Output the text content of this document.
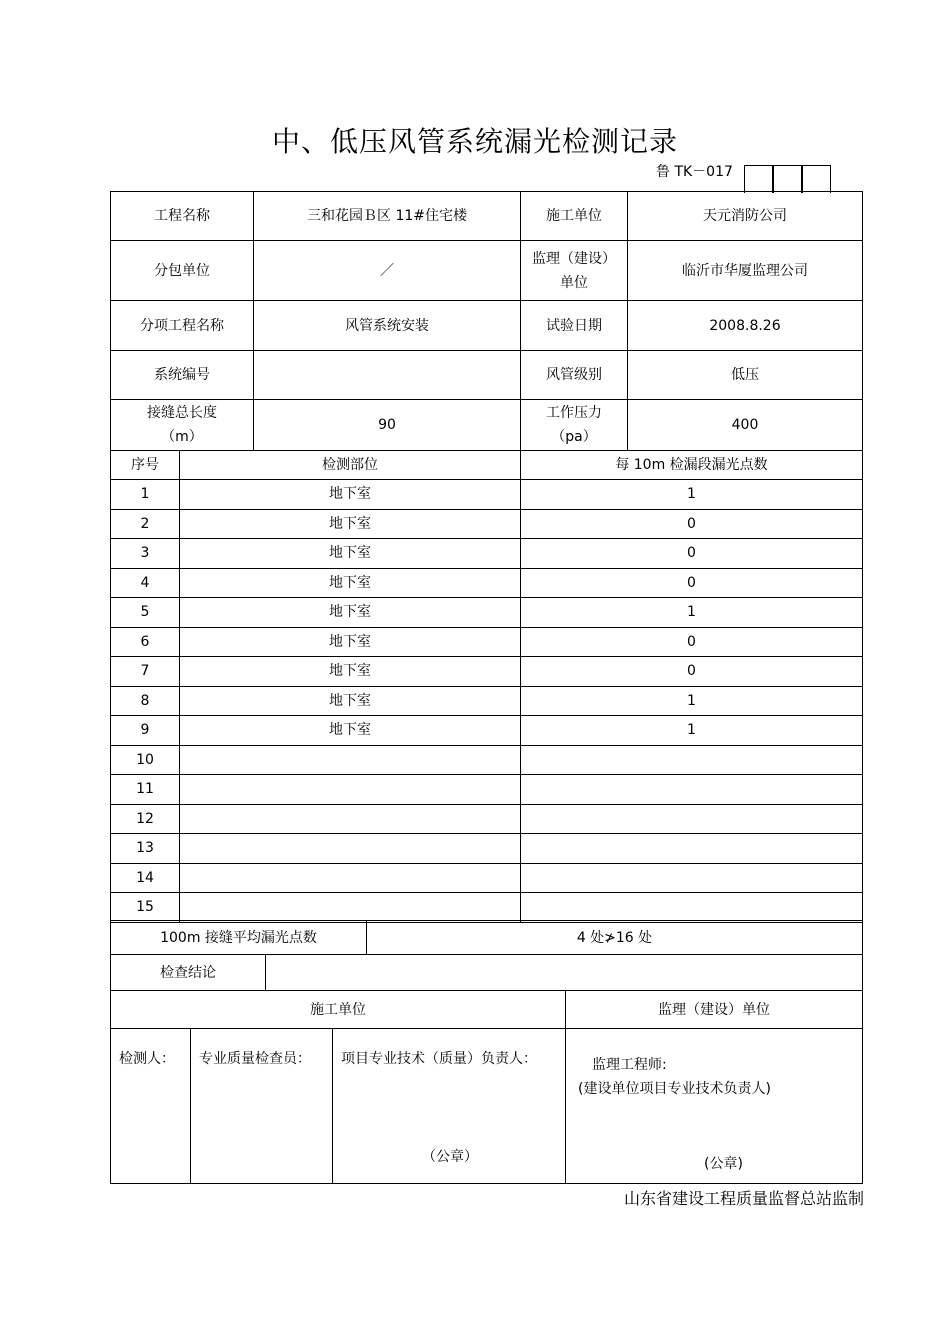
中、低压风管系统漏光检测记录
鲁 TK－017
工程名称	三和花园Ｂ区 11#住宅楼	施工单位	天元消防公司
分包单位	／	监理（建设）单位	临沂市华厦监理公司
分项工程名称	风管系统安装	试验日期	2008.8.26
系统编号		风管级别	低压
接缝总长度（m）	90	工作压力（pa）	400
序号	检测部位	每 10m 检漏段漏光点数
1	地下室	1
2	地下室	0
3	地下室	0
4	地下室	0
5	地下室	1
6	地下室	0
7	地下室	0
8	地下室	1
9	地下室	1
10		
11		
12		
13		
14		
15		
100m 接缝平均漏光点数		4 处≯16 处
检查结论		
施工单位			监理（建设）单位
检测人：	专业质量检查员：	项目专业技术（质量）负责人：	监理工程师:
(建设单位项目专业技术负责人)
（公章）	(公章)
山东省建设工程质量监督总站监制
